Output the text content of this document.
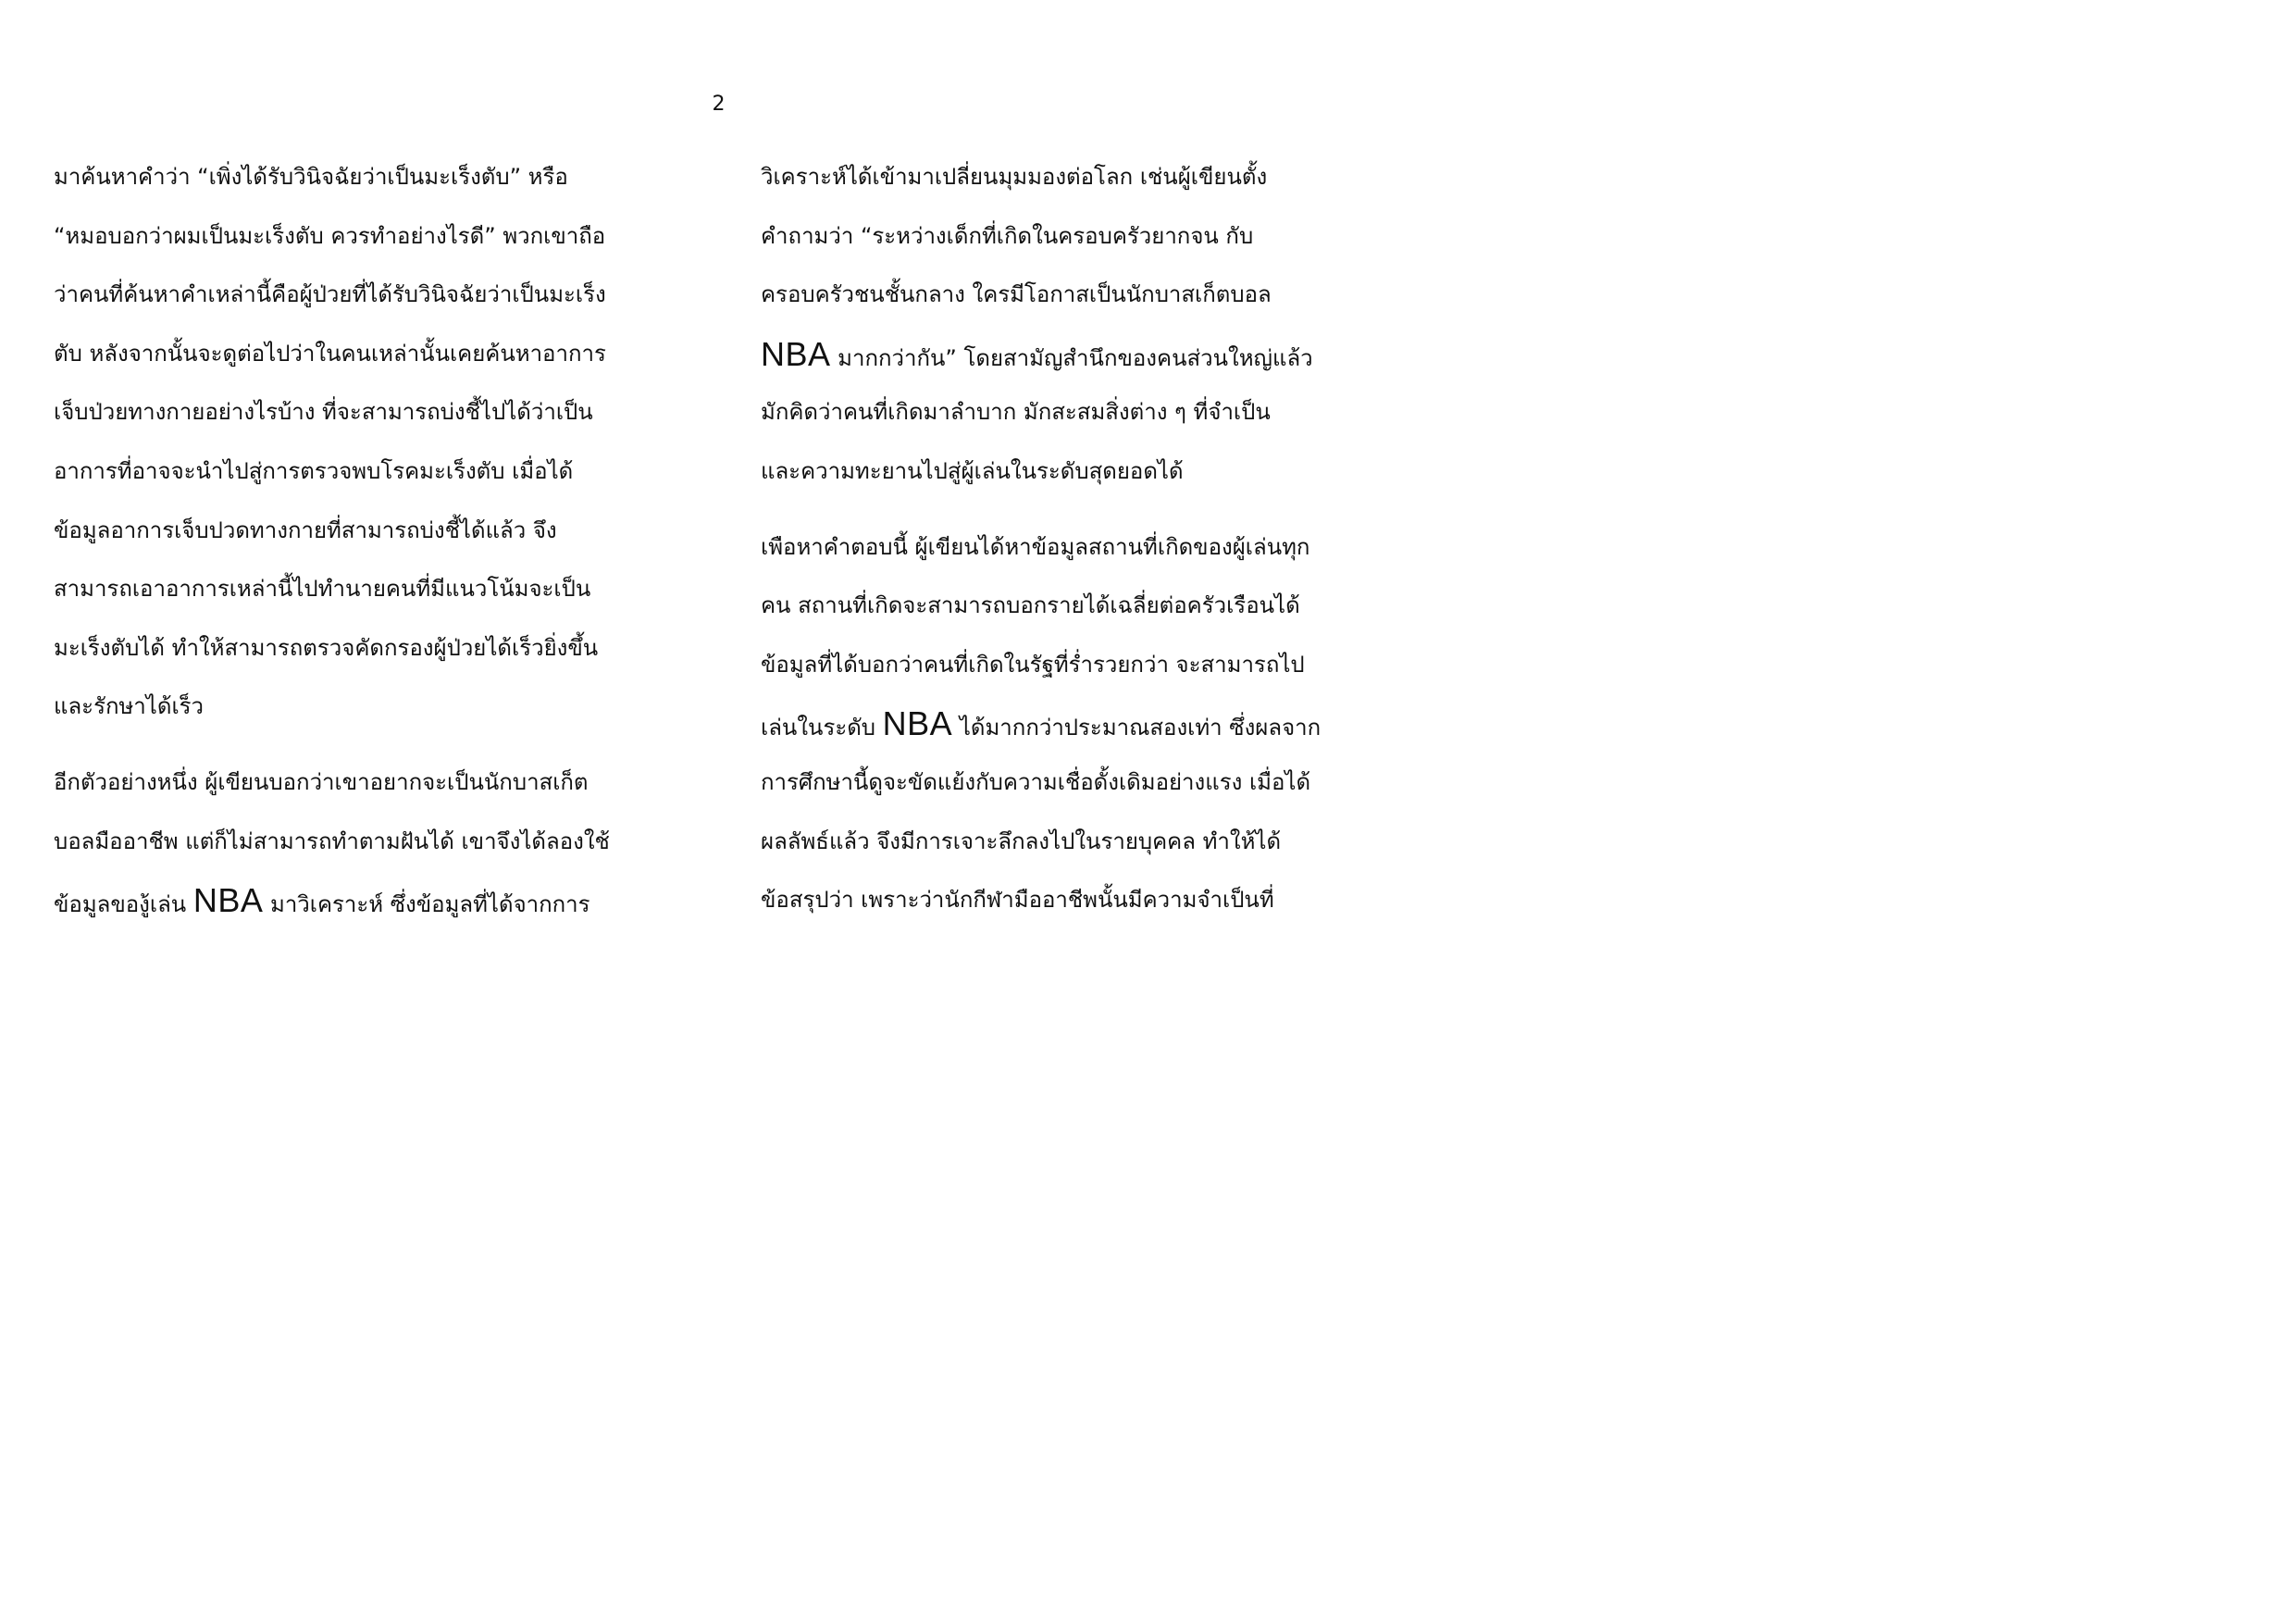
2
มาค้นหาคำว่า “เพิ่งได้รับวินิจฉัยว่าเป็นมะเร็งตับ” หรือ
“หมอบอกว่าผมเป็นมะเร็งตับ ควรทำอย่างไรดี” พวกเขาถือ
ว่าคนที่ค้นหาคำเหล่านี้คือผู้ป่วยที่ได้รับวินิจฉัยว่าเป็นมะเร็ง
ตับ หลังจากนั้นจะดูต่อไปว่าในคนเหล่านั้นเคยค้นหาอาการ
เจ็บป่วยทางกายอย่างไรบ้าง ที่จะสามารถบ่งชี้ไปได้ว่าเป็น
อาการที่อาจจะนำไปสู่การตรวจพบโรคมะเร็งตับ เมื่อได้
ข้อมูลอาการเจ็บปวดทางกายที่สามารถบ่งชี้ได้แล้ว จึง
สามารถเอาอาการเหล่านี้ไปทำนายคนที่มีแนวโน้มจะเป็น
มะเร็งตับได้ ทำให้สามารถตรวจคัดกรองผู้ป่วยได้เร็วยิ่งขึ้น
และรักษาได้เร็ว
อีกตัวอย่างหนึ่ง ผู้เขียนบอกว่าเขาอยากจะเป็นนักบาสเก็ต
บอลมืออาชีพ แต่ก็ไม่สามารถทำตามฝันได้ เขาจึงได้ลองใช้
ข้อมูลของู้เล่น NBA มาวิเคราะห์ ซึ่งข้อมูลที่ได้จากการ
วิเคราะห์ได้เข้ามาเปลี่ยนมุมมองต่อโลก เช่นผู้เขียนตั้ง
คำถามว่า “ระหว่างเด็กที่เกิดในครอบครัวยากจน กับ
ครอบครัวชนชั้นกลาง ใครมีโอกาสเป็นนักบาสเก็ตบอล
NBA มากกว่ากัน” โดยสามัญสำนึกของคนส่วนใหญ่แล้ว
มักคิดว่าคนที่เกิดมาลำบาก มักสะสมสิ่งต่าง ๆ ที่จำเป็น
และความทะยานไปสู่ผู้เล่นในระดับสุดยอดได้
เพือหาคำตอบนี้ ผู้เขียนได้หาข้อมูลสถานที่เกิดของผู้เล่นทุก
คน สถานที่เกิดจะสามารถบอกรายได้เฉลี่ยต่อครัวเรือนได้
ข้อมูลที่ได้บอกว่าคนที่เกิดในรัฐที่ร่ำรวยกว่า จะสามารถไป
เล่นในระดับ NBA ได้มากกว่าประมาณสองเท่า ซึ่งผลจาก
การศึกษานี้ดูจะขัดแย้งกับความเชื่อดั้งเดิมอย่างแรง เมื่อได้
ผลลัพธ์แล้ว จึงมีการเจาะลึกลงไปในรายบุคคล ทำให้ได้
ข้อสรุปว่า เพราะว่านักกีฬามืออาชีพนั้นมีความจำเป็นที่
